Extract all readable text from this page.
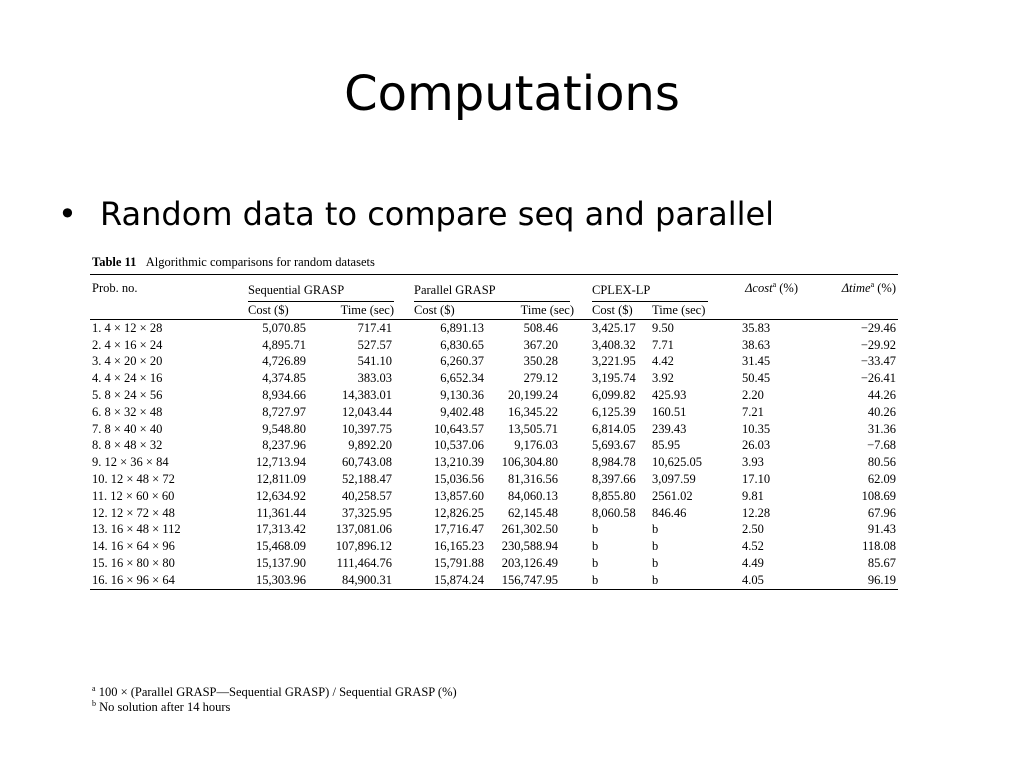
Computations
• Random data to compare seq and parallel
Table 11 Algorithmic comparisons for random datasets
Prob. no.	Sequential GRASP		Parallel GRASP		CPLEX-LP		Δcost$^a$ (%)	Δtime$^a$ (%)
	Cost ($)	Time (sec)	Cost ($)	Time (sec)	Cost ($)	Time (sec)		
1. 4 × 12 × 28	5,070.85	717.41	6,891.13	508.46	3,425.17	9.50	35.83	−29.46
2. 4 × 16 × 24	4,895.71	527.57	6,830.65	367.20	3,408.32	7.71	38.63	−29.92
3. 4 × 20 × 20	4,726.89	541.10	6,260.37	350.28	3,221.95	4.42	31.45	−33.47
4. 4 × 24 × 16	4,374.85	383.03	6,652.34	279.12	3,195.74	3.92	50.45	−26.41
5. 8 × 24 × 56	8,934.66	14,383.01	9,130.36	20,199.24	6,099.82	425.93	2.20	44.26
6. 8 × 32 × 48	8,727.97	12,043.44	9,402.48	16,345.22	6,125.39	160.51	7.21	40.26
7. 8 × 40 × 40	9,548.80	10,397.75	10,643.57	13,505.71	6,814.05	239.43	10.35	31.36
8. 8 × 48 × 32	8,237.96	9,892.20	10,537.06	9,176.03	5,693.67	85.95	26.03	−7.68
9. 12 × 36 × 84	12,713.94	60,743.08	13,210.39	106,304.80	8,984.78	10,625.05	3.93	80.56
10. 12 × 48 × 72	12,811.09	52,188.47	15,036.56	81,316.56	8,397.66	3,097.59	17.10	62.09
11. 12 × 60 × 60	12,634.92	40,258.57	13,857.60	84,060.13	8,855.80	2561.02	9.81	108.69
12. 12 × 72 × 48	11,361.44	37,325.95	12,826.25	62,145.48	8,060.58	846.46	12.28	67.96
13. 16 × 48 × 112	17,313.42	137,081.06	17,716.47	261,302.50	b	b	2.50	91.43
14. 16 × 64 × 96	15,468.09	107,896.12	16,165.23	230,588.94	b	b	4.52	118.08
15. 16 × 80 × 80	15,137.90	111,464.76	15,791.88	203,126.49	b	b	4.49	85.67
16. 16 × 96 × 64	15,303.96	84,900.31	15,874.24	156,747.95	b	b	4.05	96.19
$^a$ 100 × (Parallel GRASP—Sequential GRASP) / Sequential GRASP (%)
$^b$ No solution after 14 hours
